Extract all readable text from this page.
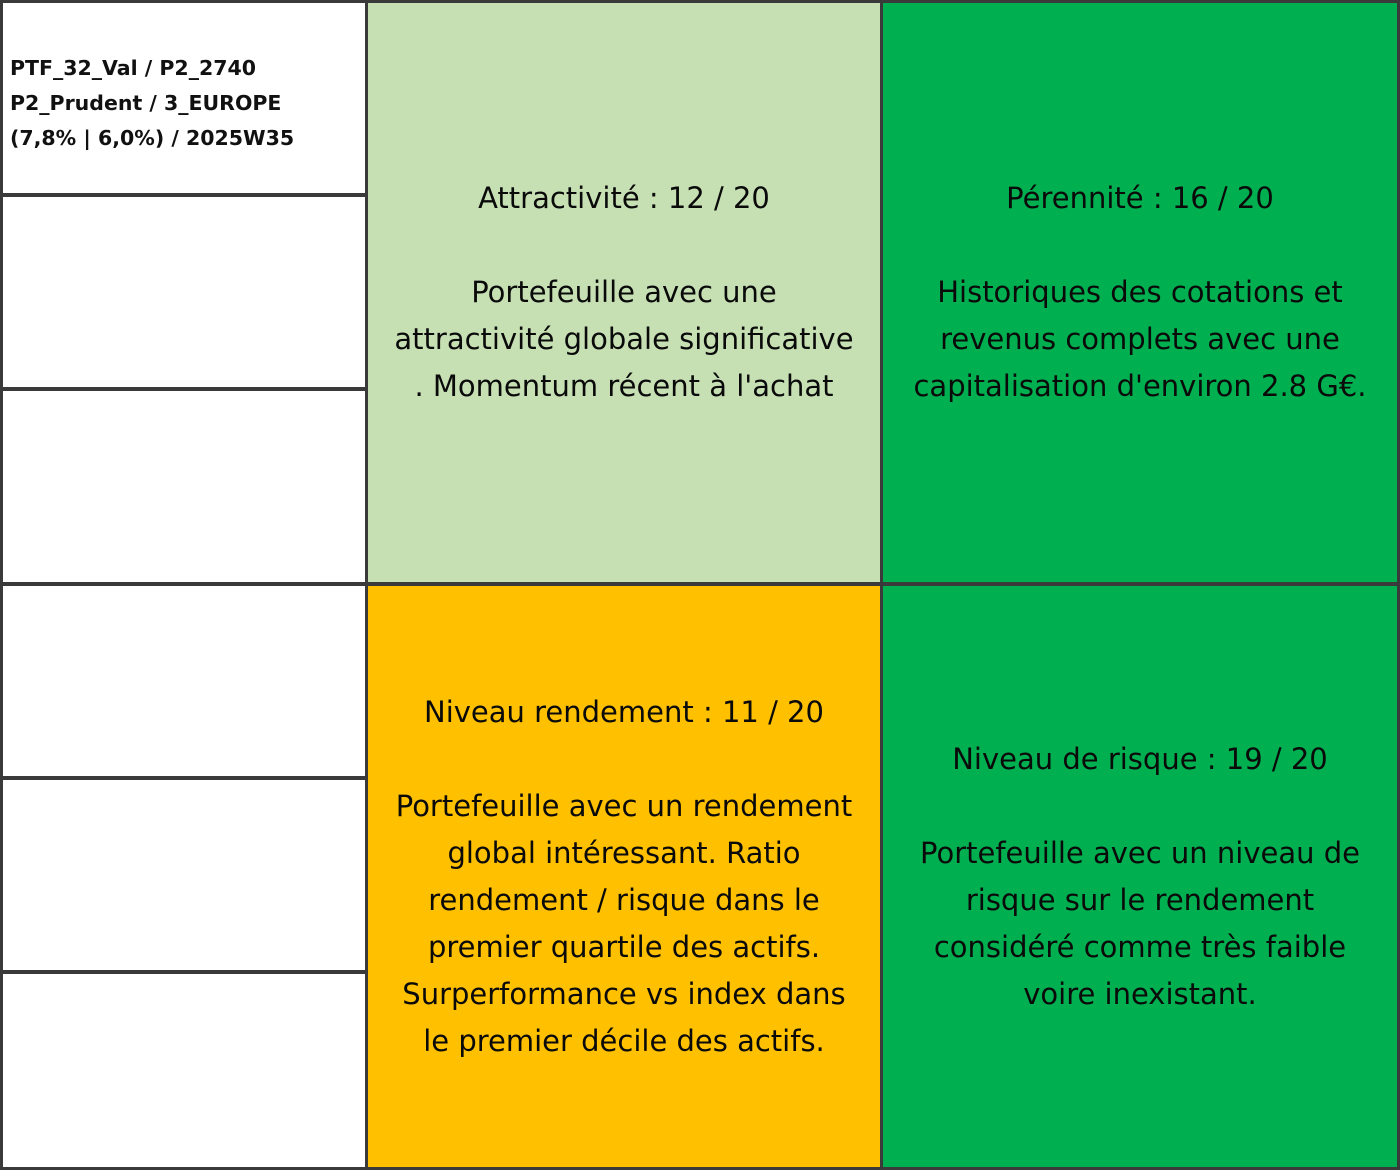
PTF_32_Val / P2_2740
P2_Prudent / 3_EUROPE
(7,8% | 6,0%) / 2025W35
Attractivité : 12 / 20
Portefeuille avec une
attractivité globale significative
. Momentum récent à l'achat
Pérennité : 16 / 20
Historiques des cotations et
revenus complets avec une
capitalisation d'environ 2.8 G€.
Niveau rendement : 11 / 20
Portefeuille avec un rendement
global intéressant. Ratio
rendement / risque dans le
premier quartile des actifs.
Surperformance vs index dans
le premier décile des actifs.
Niveau de risque : 19 / 20
Portefeuille avec un niveau de
risque sur le rendement
considéré comme très faible
voire inexistant.
